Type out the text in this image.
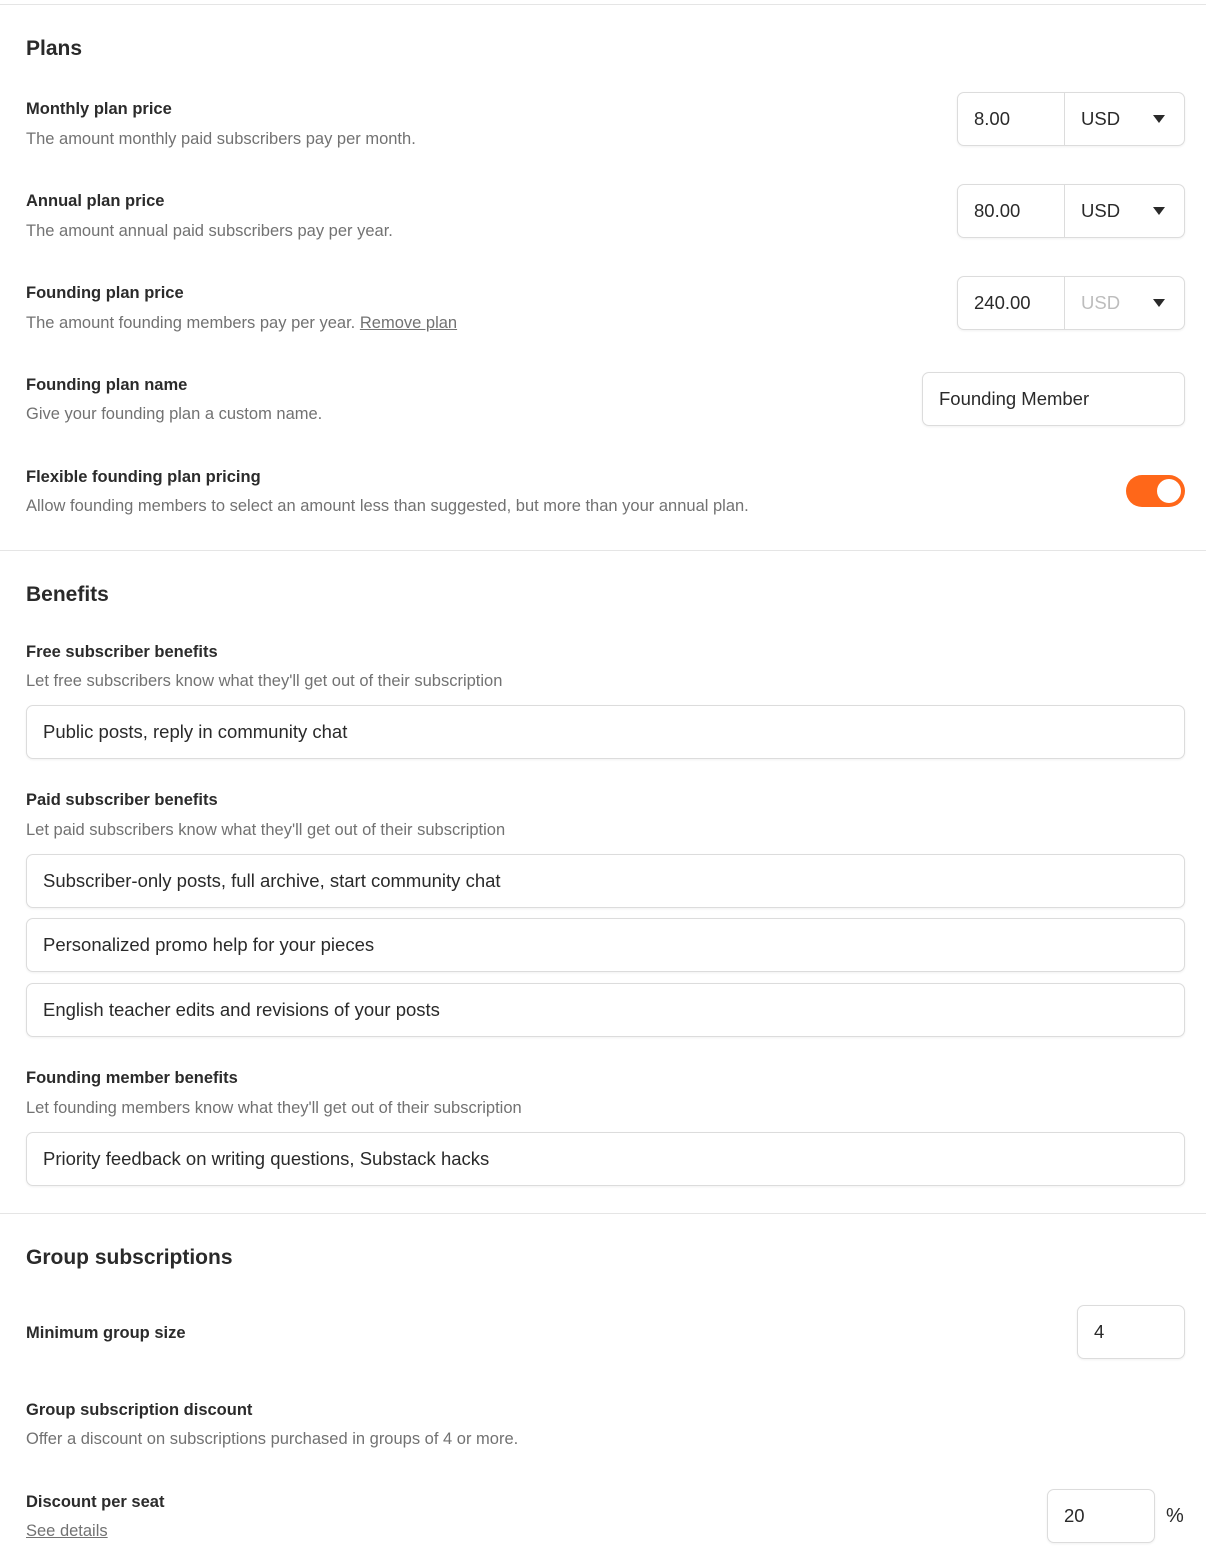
Plans
Monthly plan price
The amount monthly paid subscribers pay per month.
8.00
USD
Annual plan price
The amount annual paid subscribers pay per year.
80.00
USD
Founding plan price
The amount founding members pay per year. Remove plan
240.00
USD
Founding plan name
Give your founding plan a custom name.
Founding Member
Flexible founding plan pricing
Allow founding members to select an amount less than suggested, but more than your annual plan.
Benefits
Free subscriber benefits
Let free subscribers know what they'll get out of their subscription
Public posts, reply in community chat
Paid subscriber benefits
Let paid subscribers know what they'll get out of their subscription
Subscriber-only posts, full archive, start community chat
Personalized promo help for your pieces
English teacher edits and revisions of your posts
Founding member benefits
Let founding members know what they'll get out of their subscription
Priority feedback on writing questions, Substack hacks
Group subscriptions
Minimum group size
4
Group subscription discount
Offer a discount on subscriptions purchased in groups of 4 or more.
Discount per seat
See details
20
%
